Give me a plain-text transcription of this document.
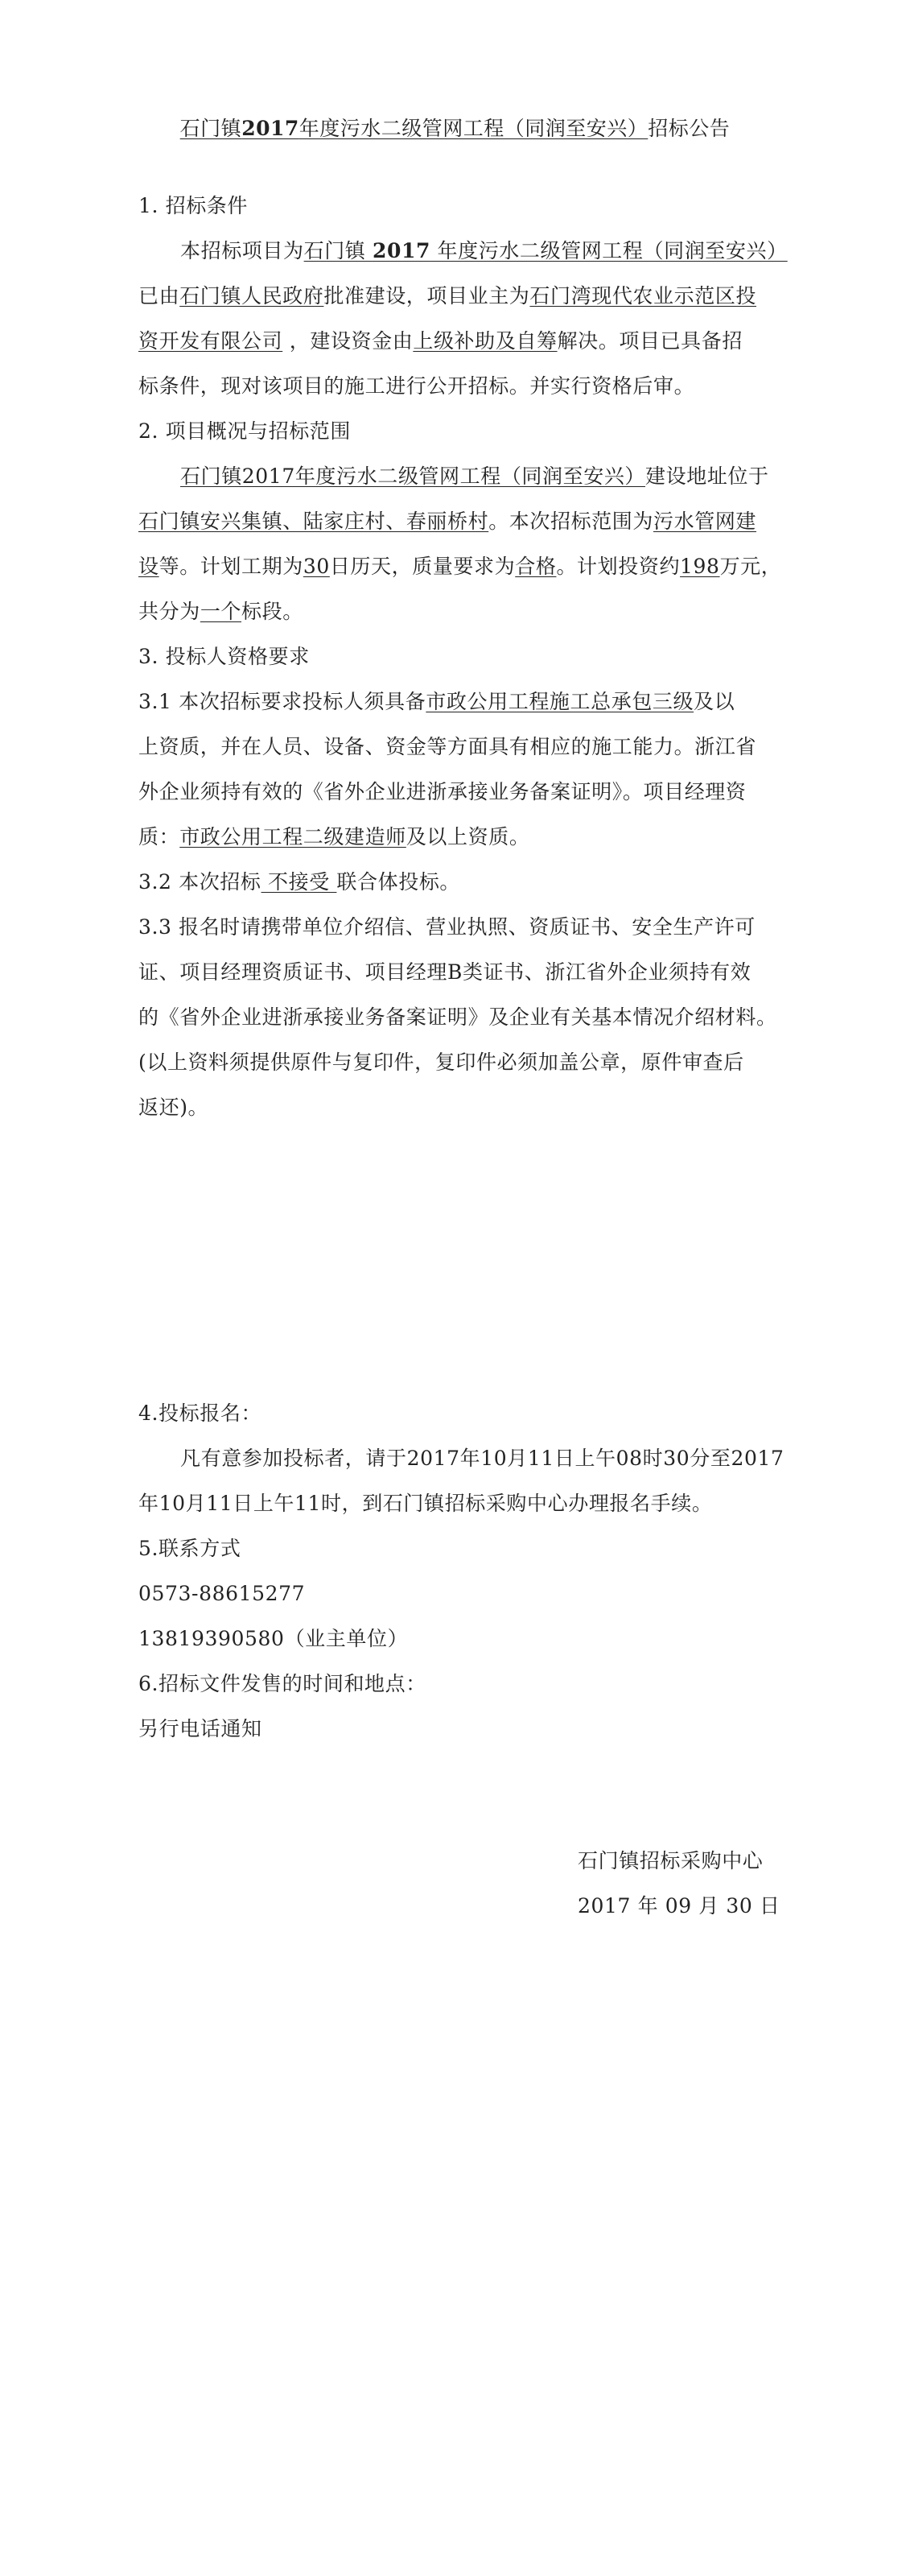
石门镇2017年度污水二级管网工程（同润至安兴）招标公告
1. 招标条件
本招标项目为石门镇 2017 年度污水二级管网工程（同润至安兴）
已由石门镇人民政府批准建设，项目业主为石门湾现代农业示范区投
资开发有限公司 ，建设资金由上级补助及自筹解决。项目已具备招
标条件，现对该项目的施工进行公开招标。并实行资格后审。
2. 项目概况与招标范围
石门镇2017年度污水二级管网工程（同润至安兴）建设地址位于
石门镇安兴集镇、陆家庄村、春丽桥村。本次招标范围为污水管网建
设等。计划工期为30日历天，质量要求为合格。计划投资约198万元，
共分为一个标段。
3. 投标人资格要求
3.1 本次招标要求投标人须具备市政公用工程施工总承包三级及以
上资质，并在人员、设备、资金等方面具有相应的施工能力。浙江省
外企业须持有效的《省外企业进浙承接业务备案证明》。项目经理资
质：市政公用工程二级建造师及以上资质。
3.2 本次招标 不接受 联合体投标。
3.3 报名时请携带单位介绍信、营业执照、资质证书、安全生产许可
证、项目经理资质证书、项目经理B类证书、浙江省外企业须持有效
的《省外企业进浙承接业务备案证明》及企业有关基本情况介绍材料。
(以上资料须提供原件与复印件，复印件必须加盖公章，原件审查后
返还)。
4.投标报名：
凡有意参加投标者，请于2017年10月11日上午08时30分至2017
年10月11日上午11时，到石门镇招标采购中心办理报名手续。
5.联系方式
0573-88615277
13819390580（业主单位）
6.招标文件发售的时间和地点：
另行电话通知
石门镇招标采购中心
2017 年 09 月 30 日
